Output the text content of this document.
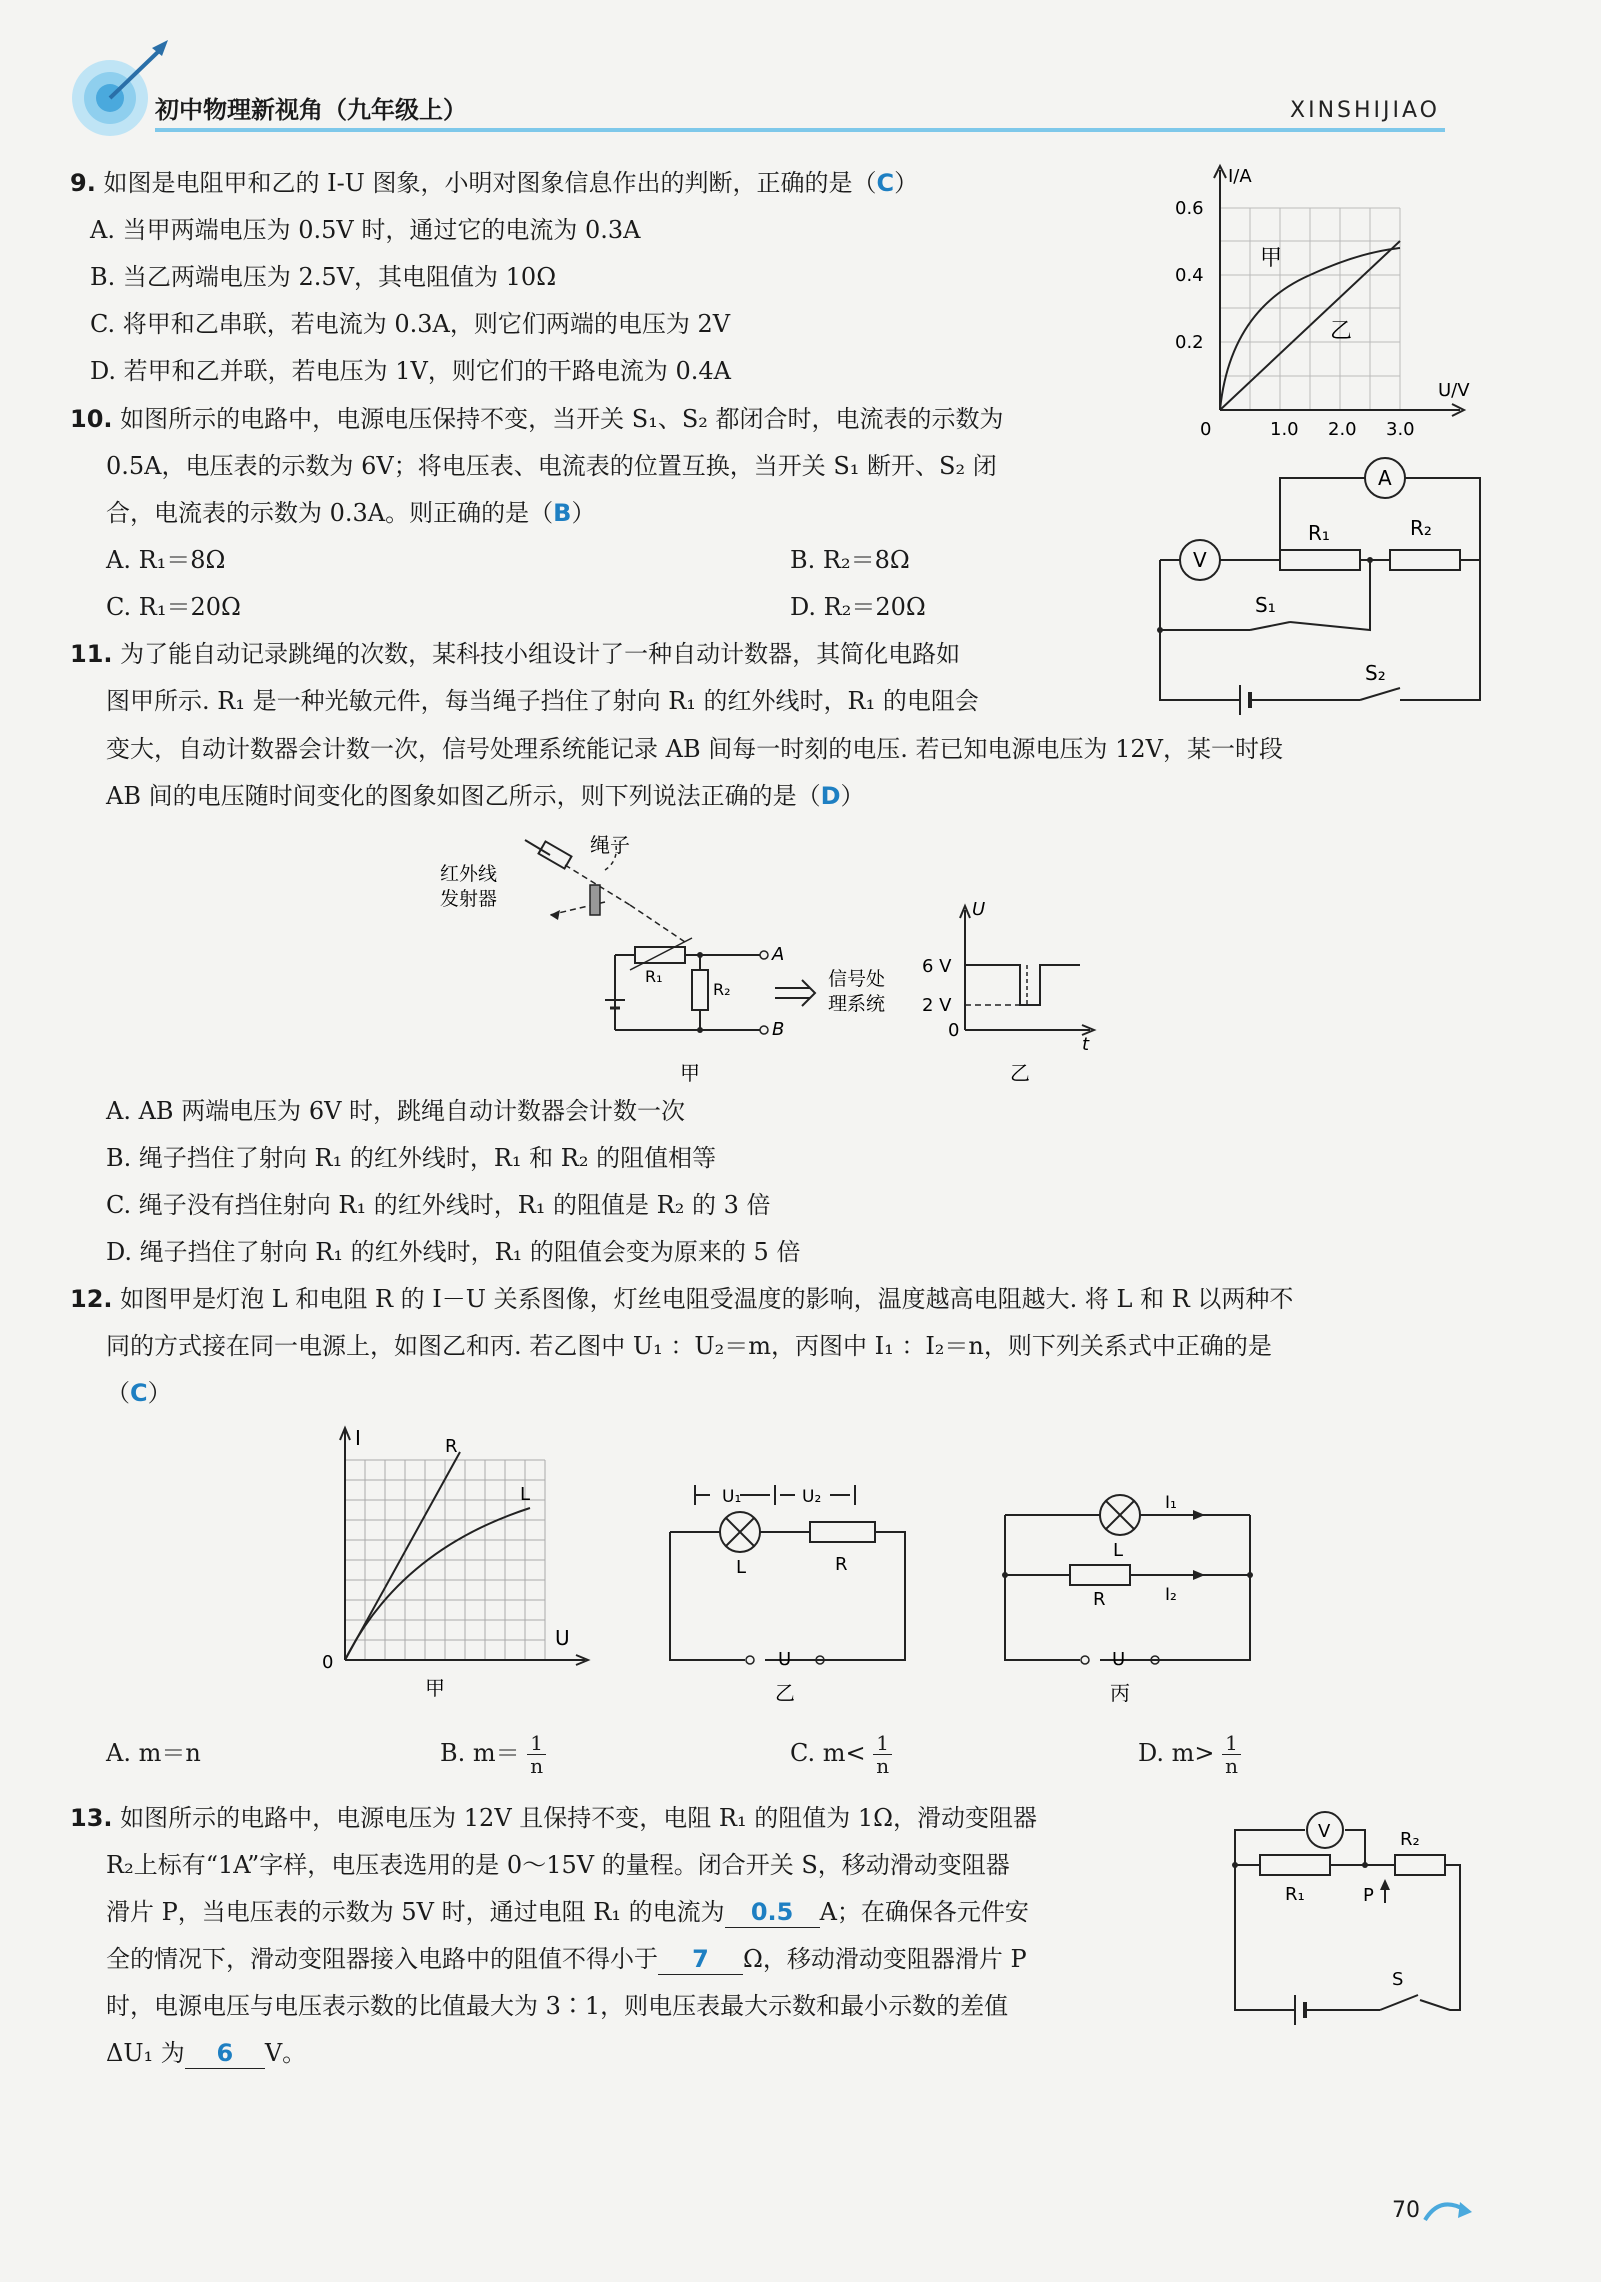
初中物理新视角（九年级上）	XINSHIJIAO
9. 如图是电阻甲和乙的 I-U 图象，小明对图象信息作出的判断，正确的是（C）
A. 当甲两端电压为 0.5V 时，通过它的电流为 0.3A
B. 当乙两端电压为 2.5V，其电阻值为 10Ω
C. 将甲和乙串联，若电流为 0.3A，则它们两端的电压为 2V
D. 若甲和乙并联，若电压为 1V，则它们的干路电流为 0.4A
I/A
U/V
0
0.6
0.4
0.2
1.0 2.0 3.0
甲
乙
10. 如图所示的电路中，电源电压保持不变，当开关 S₁、S₂ 都闭合时，电流表的示数为
0.5A，电压表的示数为 6V；将电压表、电流表的位置互换，当开关 S₁ 断开、S₂ 闭
合，电流表的示数为 0.3A。则正确的是（B）
A. R₁＝8Ω	B. R₂＝8Ω
C. R₁＝20Ω	D. R₂＝20Ω
V
A
R₁	R₂
S₁
S₂
11. 为了能自动记录跳绳的次数，某科技小组设计了一种自动计数器，其简化电路如
图甲所示. R₁ 是一种光敏元件，每当绳子挡住了射向 R₁ 的红外线时，R₁ 的电阻会
变大，自动计数器会计数一次，信号处理系统能记录 AB 间每一时刻的电压. 若已知电源电压为 12V，某一时段
AB 间的电压随时间变化的图象如图乙所示，则下列说法正确的是（D）
绳子
红外线
发射器
R₁
R₂
A
B
甲
信号处
理系统
U
6 V
2 V
0
t
乙
A. AB 两端电压为 6V 时，跳绳自动计数器会计数一次
B. 绳子挡住了射向 R₁ 的红外线时，R₁ 和 R₂ 的阻值相等
C. 绳子没有挡住射向 R₁ 的红外线时，R₁ 的阻值是 R₂ 的 3 倍
D. 绳子挡住了射向 R₁ 的红外线时，R₁ 的阻值会变为原来的 5 倍
12. 如图甲是灯泡 L 和电阻 R 的 I－U 关系图像，灯丝电阻受温度的影响，温度越高电阻越大. 将 L 和 R 以两种不
同的方式接在同一电源上，如图乙和丙. 若乙图中 U₁ ：U₂＝m，丙图中 I₁ ：I₂＝n，则下列关系式中正确的是
（C）
I
U
0
R
L
甲
U₁	U₂
L	R
U
乙
L
R
I₁
I₂
U
丙
A. m＝n	B. $m= \frac{1}{n}$	C. $m< \frac{1}{n}$	D. $m> \frac{1}{n}$
13. 如图所示的电路中，电源电压为 12V 且保持不变，电阻 R₁ 的阻值为 1Ω，滑动变阻器
R₂上标有“1A”字样，电压表选用的是 0～15V 的量程。闭合开关 S，移动滑动变阻器
滑片 P，当电压表的示数为 5V 时，通过电阻 R₁ 的电流为 0.5 A；在确保各元件安
全的情况下，滑动变阻器接入电路中的阻值不得小于 7 Ω，移动滑动变阻器滑片 P
时，电源电压与电压表示数的比值最大为 3∶1，则电压表最大示数和最小示数的差值
ΔU₁ 为 6 V。
V
R₁
R₂
P
S
70
